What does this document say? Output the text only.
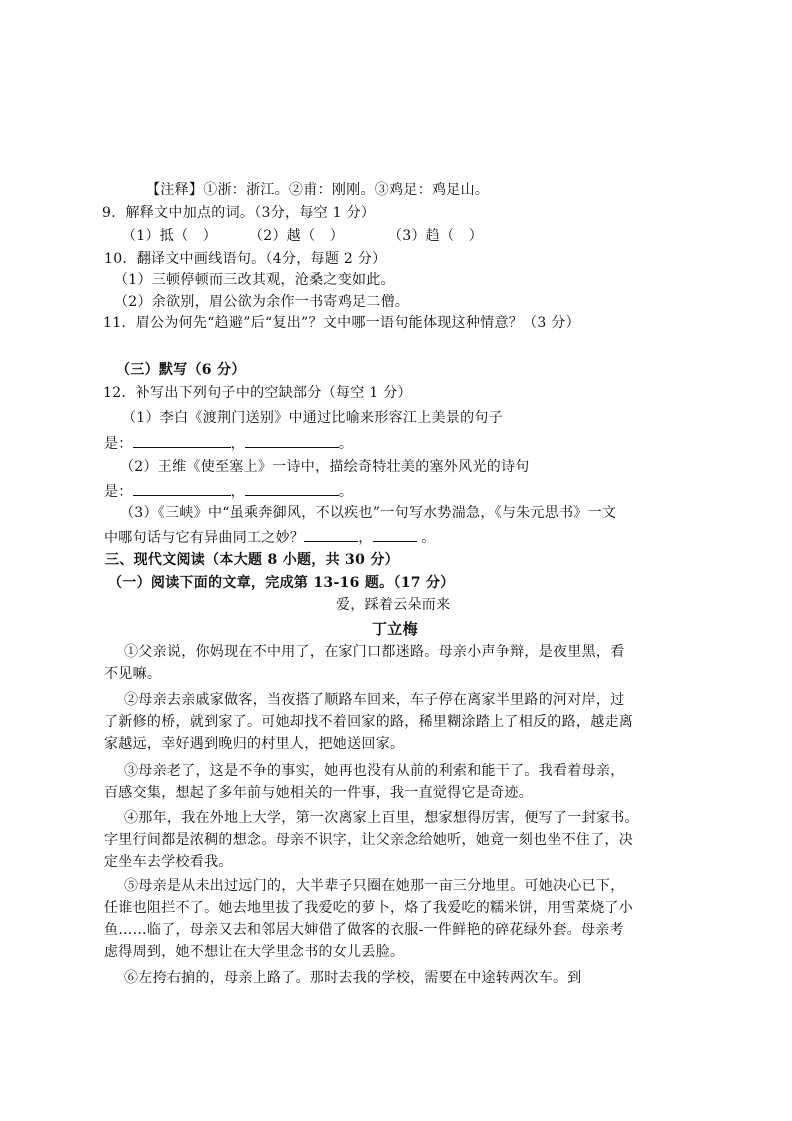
【注释】①浙：浙江。②甫：刚刚。③鸡足：鸡足山。
9．解释文中加点的词。（3分，每空 1 分）
（1）抵（　） （2）越（　）	（3）趋（　）
10．翻译文中画线语句。（4分，每题 2 分）
（1）三顿停顿而三改其观，沧桑之变如此。
（2）余欲别，眉公欲为余作一书寄鸡足二僧。
11．眉公为何先“趋避”后“复出”？文中哪一语句能体现这种情意？（3 分）
（三）默写（6 分）
12．补写出下列句子中的空缺部分（每空 1 分）
（1）李白《渡荆门送别》中通过比喻来形容江上美景的句子
是：	，	。
（2）王维《使至塞上》一诗中，描绘奇特壮美的塞外风光的诗句
是：	，	。
（3）《三峡》中“虽乘奔御风，不以疾也”一句写水势湍急，《与朱元思书》一文
中哪句话与它有异曲同工之妙？	，	。
三、现代文阅读（本大题 8 小题，共 30 分）
（一）阅读下面的文章，完成第 13-16 题。（17 分）
爱，踩着云朵而来
丁立梅
①父亲说，你妈现在不中用了，在家门口都迷路。母亲小声争辩，是夜里黑，看
不见嘛。
②母亲去亲戚家做客，当夜搭了顺路车回来，车子停在离家半里路的河对岸，过
了新修的桥，就到家了。可她却找不着回家的路，稀里糊涂踏上了相反的路，越走离
家越远，幸好遇到晚归的村里人，把她送回家。
③母亲老了，这是不争的事实，她再也没有从前的利索和能干了。我看着母亲，
百感交集，想起了多年前与她相关的一件事，我一直觉得它是奇迹。
④那年，我在外地上大学，第一次离家上百里，想家想得厉害，便写了一封家书。
字里行间都是浓稠的想念。母亲不识字，让父亲念给她听，她竟一刻也坐不住了，决
定坐车去学校看我。
⑤母亲是从未出过远门的，大半辈子只圈在她那一亩三分地里。可她决心已下，
任谁也阻拦不了。她去地里拔了我爱吃的萝卜，烙了我爱吃的糯米饼，用雪菜烧了小
鱼……临了，母亲又去和邻居大婶借了做客的衣服-一件鲜艳的碎花绿外套。母亲考
虑得周到，她不想让在大学里念书的女儿丢脸。
⑥左挎右掮的，母亲上路了。那时去我的学校，需要在中途转两次车。到
